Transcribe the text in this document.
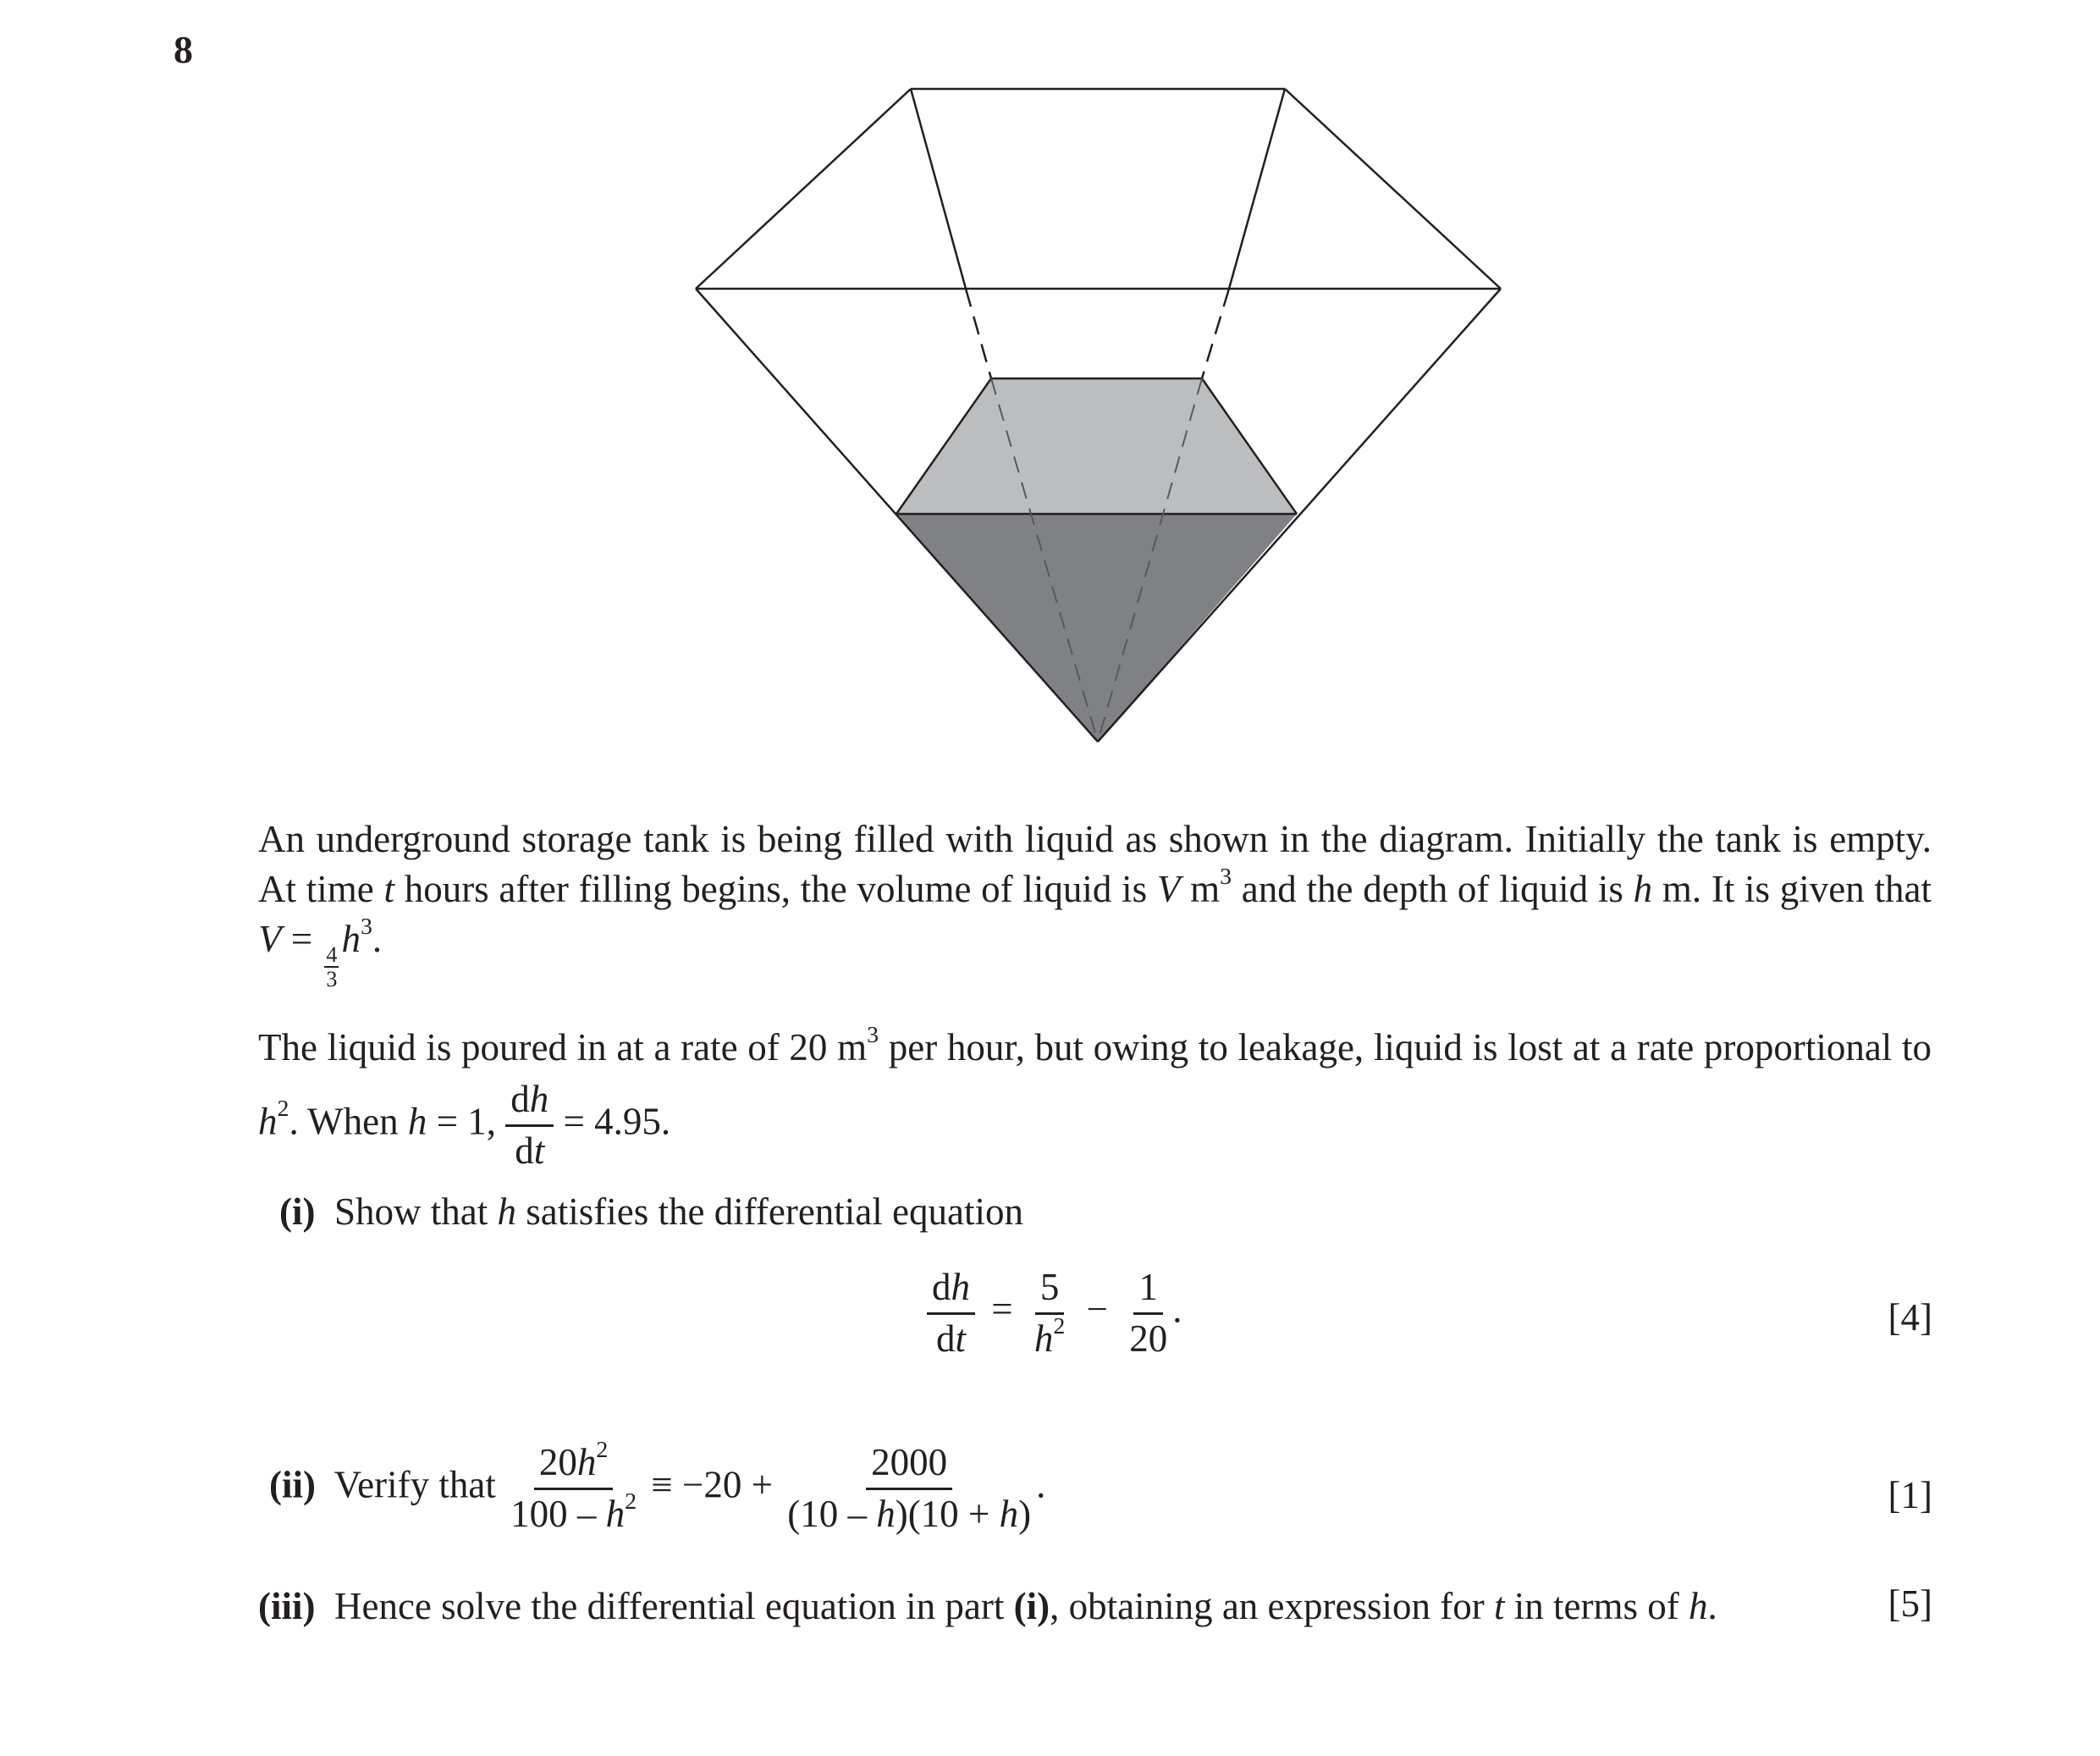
8
An underground storage tank is being filled with liquid as shown in the diagram. Initially the tank is empty. At time t hours after filling begins, the volume of liquid is V $m^3$ and the depth of liquid is h m. It is given that V =
$\frac{4}{3}$
$h^3$.
The liquid is poured in at a rate of 20 $m^3$ per hour, but owing to leakage, liquid is lost at a rate proportional to $h^2$. When h = 1, $\frac{dh}{dt} = 4.95$.
(i) Show that h satisfies the differential equation
$\frac{dh}{dt} = \frac{5}{h^2} - \frac{1}{20}$ .	[4]
(ii) Verify that $\frac{20h^2}{100 - h^2} \equiv -20 + \frac{2000}{(10 - h)(10 + h)}$ .	[1]
(iii) Hence solve the differential equation in part (i), obtaining an expression for t in terms of h.	[5]
